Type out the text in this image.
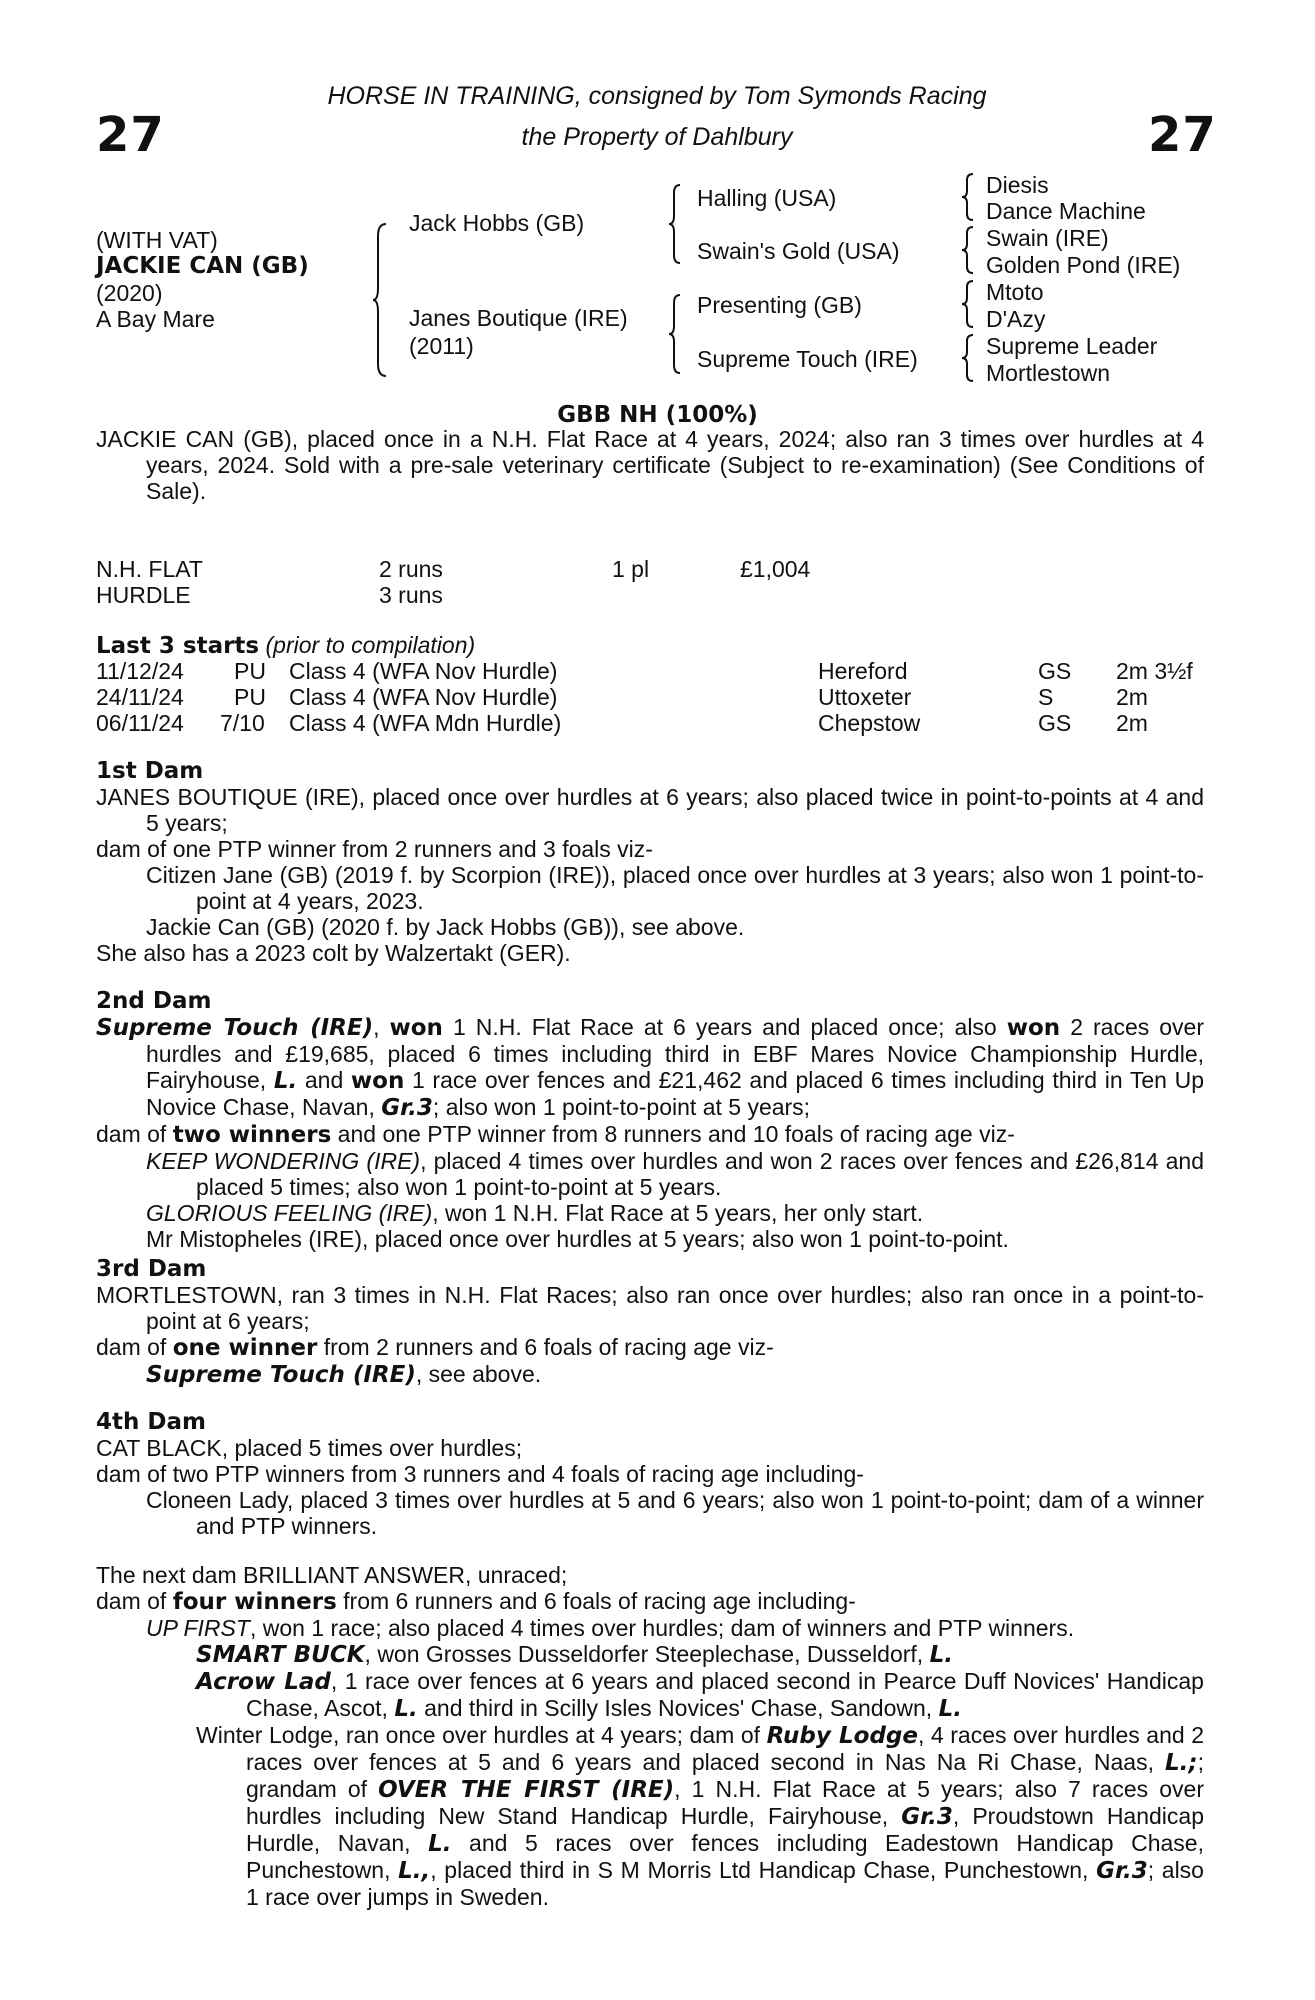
27	27
HORSE IN TRAINING, consigned by Tom Symonds Racing
the Property of Dahlbury
(WITH VAT)
JACKIE CAN (GB)
(2020)
A Bay Mare
Jack Hobbs (GB)
Janes Boutique (IRE)
(2011)
Halling (USA)
Swain's Gold (USA)
Presenting (GB)
Supreme Touch (IRE)
Diesis
Dance Machine
Swain (IRE)
Golden Pond (IRE)
Mtoto
D'Azy
Supreme Leader
Mortlestown
GBB NH (100%)
JACKIE CAN (GB), placed once in a N.H. Flat Race at 4 years, 2024; also ran 3 times over hurdles at 4 years, 2024. Sold with a pre-sale veterinary certificate (Subject to re-examination) (See Conditions of Sale).
N.H. FLAT	2 runs	1 pl	£1,004
HURDLE	3 runs
Last 3 starts (prior to compilation)
11/12/24 PU Class 4 (WFA Nov Hurdle)	Hereford	GS 2m 3½f
24/11/24 PU Class 4 (WFA Nov Hurdle)	Uttoxeter	S	2m
06/11/24 7/10 Class 4 (WFA Mdn Hurdle)	Chepstow	GS 2m
1st Dam
JANES BOUTIQUE (IRE), placed once over hurdles at 6 years; also placed twice in point-to-points at 4 and 5 years;
dam of one PTP winner from 2 runners and 3 foals viz-
Citizen Jane (GB) (2019 f. by Scorpion (IRE)), placed once over hurdles at 3 years; also won 1 point-to-point at 4 years, 2023.
Jackie Can (GB) (2020 f. by Jack Hobbs (GB)), see above.
She also has a 2023 colt by Walzertakt (GER).
2nd Dam
Supreme Touch (IRE), won 1 N.H. Flat Race at 6 years and placed once; also won 2 races over hurdles and £19,685, placed 6 times including third in EBF Mares Novice Championship Hurdle, Fairyhouse, L. and won 1 race over fences and £21,462 and placed 6 times including third in Ten Up Novice Chase, Navan, Gr.3; also won 1 point-to-point at 5 years;
dam of two winners and one PTP winner from 8 runners and 10 foals of racing age viz-
KEEP WONDERING (IRE), placed 4 times over hurdles and won 2 races over fences and £26,814 and placed 5 times; also won 1 point-to-point at 5 years.
GLORIOUS FEELING (IRE), won 1 N.H. Flat Race at 5 years, her only start.
Mr Mistopheles (IRE), placed once over hurdles at 5 years; also won 1 point-to-point.
3rd Dam
MORTLESTOWN, ran 3 times in N.H. Flat Races; also ran once over hurdles; also ran once in a point-to-point at 6 years;
dam of one winner from 2 runners and 6 foals of racing age viz-
Supreme Touch (IRE), see above.
4th Dam
CAT BLACK, placed 5 times over hurdles;
dam of two PTP winners from 3 runners and 4 foals of racing age including-
Cloneen Lady, placed 3 times over hurdles at 5 and 6 years; also won 1 point-to-point; dam of a winner and PTP winners.
The next dam BRILLIANT ANSWER, unraced;
dam of four winners from 6 runners and 6 foals of racing age including-
UP FIRST, won 1 race; also placed 4 times over hurdles; dam of winners and PTP winners.
SMART BUCK, won Grosses Dusseldorfer Steeplechase, Dusseldorf, L.
Acrow Lad, 1 race over fences at 6 years and placed second in Pearce Duff Novices' Handicap Chase, Ascot, L. and third in Scilly Isles Novices' Chase, Sandown, L.
Winter Lodge, ran once over hurdles at 4 years; dam of Ruby Lodge, 4 races over hurdles and 2 races over fences at 5 and 6 years and placed second in Nas Na Ri Chase, Naas, L.;; grandam of OVER THE FIRST (IRE), 1 N.H. Flat Race at 5 years; also 7 races over hurdles including New Stand Handicap Hurdle, Fairyhouse, Gr.3, Proudstown Handicap Hurdle, Navan, L. and 5 races over fences including Eadestown Handicap Chase, Punchestown, L.,, placed third in S M Morris Ltd Handicap Chase, Punchestown, Gr.3; also 1 race over jumps in Sweden.
